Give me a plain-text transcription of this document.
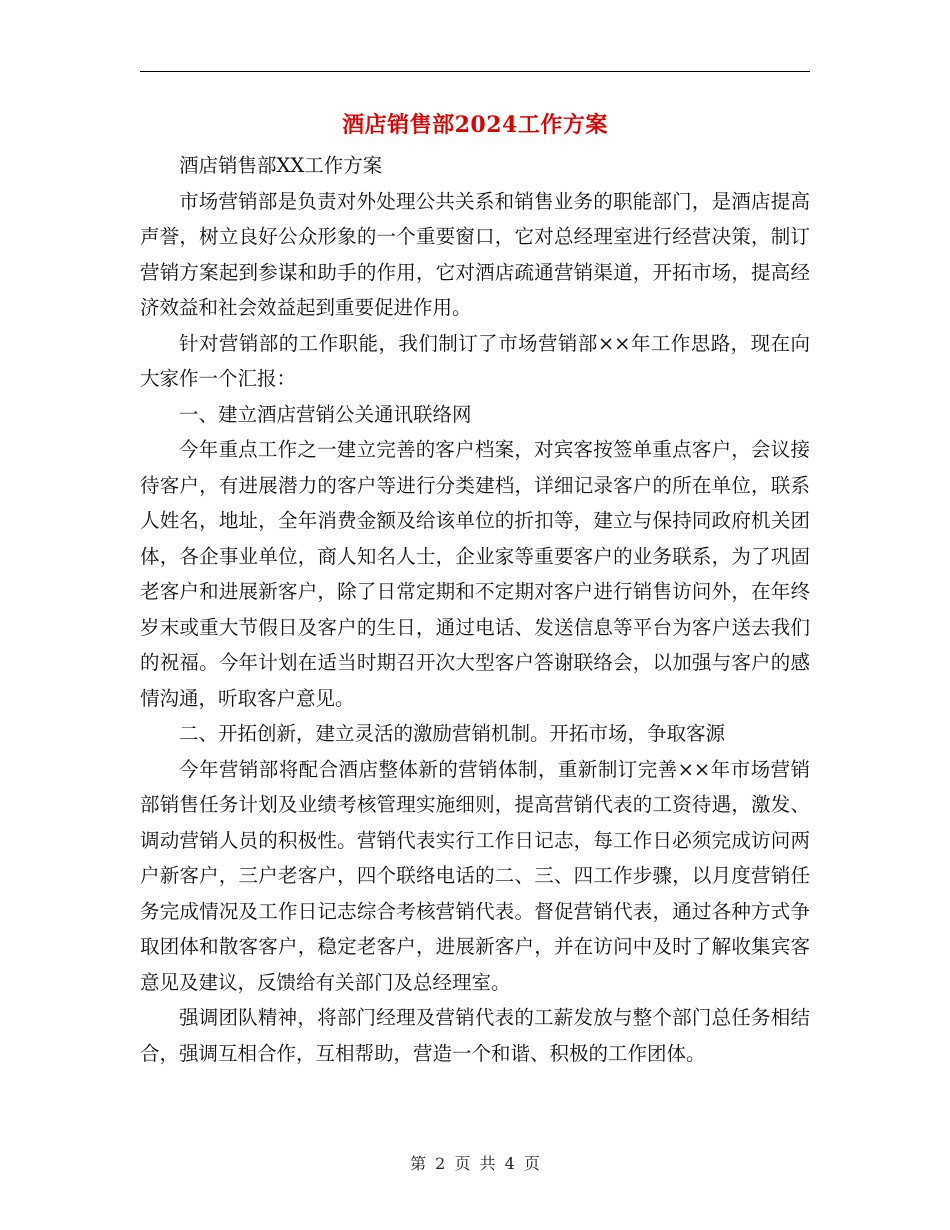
酒店销售部2024工作方案

酒店销售部XX工作方案

市场营销部是负责对外处理公共关系和销售业务的职能部门，是酒店提高声誉，树立良好公众形象的一个重要窗口，它对总经理室进行经营决策，制订营销方案起到参谋和助手的作用，它对酒店疏通营销渠道，开拓市场，提高经济效益和社会效益起到重要促进作用。

针对营销部的工作职能，我们制订了市场营销部××年工作思路，现在向大家作一个汇报：

一、建立酒店营销公关通讯联络网

今年重点工作之一建立完善的客户档案，对宾客按签单重点客户，会议接待客户，有进展潜力的客户等进行分类建档，详细记录客户的所在单位，联系人姓名，地址，全年消费金额及给该单位的折扣等，建立与保持同政府机关团体，各企事业单位，商人知名人士，企业家等重要客户的业务联系，为了巩固老客户和进展新客户，除了日常定期和不定期对客户进行销售访问外，在年终岁末或重大节假日及客户的生日，通过电话、发送信息等平台为客户送去我们的祝福。今年计划在适当时期召开次大型客户答谢联络会，以加强与客户的感情沟通，听取客户意见。

二、开拓创新，建立灵活的激励营销机制。开拓市场，争取客源

今年营销部将配合酒店整体新的营销体制，重新制订完善××年市场营销部销售任务计划及业绩考核管理实施细则，提高营销代表的工资待遇，激发、调动营销人员的积极性。营销代表实行工作日记志，每工作日必须完成访问两户新客户，三户老客户，四个联络电话的二、三、四工作步骤，以月度营销任务完成情况及工作日记志综合考核营销代表。督促营销代表，通过各种方式争取团体和散客客户，稳定老客户，进展新客户，并在访问中及时了解收集宾客意见及建议，反馈给有关部门及总经理室。

强调团队精神，将部门经理及营销代表的工薪发放与整个部门总任务相结合，强调互相合作，互相帮助，营造一个和谐、积极的工作团体。

第 2 页 共 4 页
